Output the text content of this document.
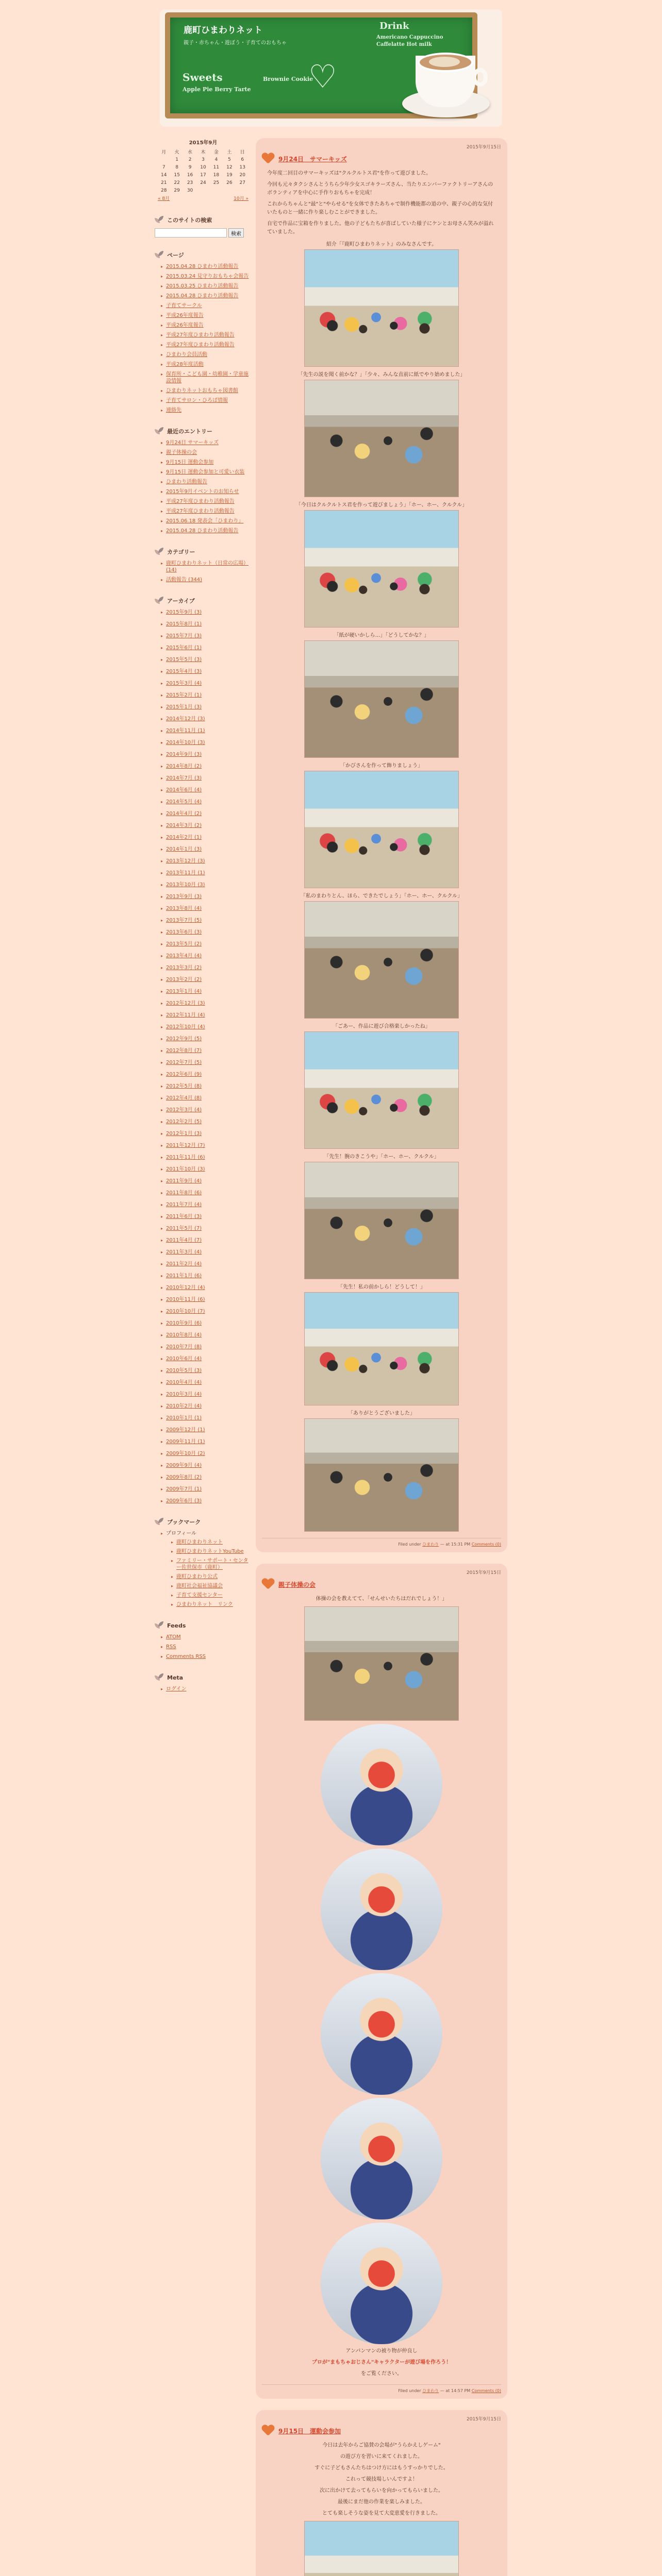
鹿町ひまわりネット
親子・赤ちゃん・遊ぼう・子育てのおもちゃ
Drink
Americano Cappuccino Caffelatte Hot milk
Sweets
Apple Pie Berry Tarte
Brownie Cookie
♡
2015年9月
月	火	水	木	金	土	日
	1	2	3	4	5	6
7	8	9	10	11	12	13
14	15	16	17	18	19	20
21	22	23	24	25	26	27
28	29	30				
« 8月				10月 »		
このサイトの検索
検索
ページ
▸ 2015.04.28 ひまわり活動報告
▸ 2015.03.24 見守りおもちゃ会報告
▸ 2015.03.25 ひまわり活動報告
▸ 2015.04.28 ひまわり活動報告
▸ 子育てサークル
▸ 平成26年度報告
▸ 平成26年度報告
▸ 平成27年度ひまわり活動報告
▸ 平成27年度ひまわり活動報告
▸ ひまわり会員活動
▸ 平成28年度活動
▸ 保育所・こども園・幼稚園・学童施設情報
▸ ひまわりネットおもちゃ図書館
▸ 子育てサロン・ひろば情報
▸ 連絡先
最近のエントリー
▸ 9月24日 サマーキッズ
▸ 親子体操の会
▸ 9月15日 運動会参加
▸ 9月15日 運動会参加と可愛い衣装
▸ ひまわり活動報告
▸ 2015年9月イベントのお知らせ
▸ 平成27年度ひまわり活動報告
▸ 平成27年度ひまわり活動報告
▸ 2015.06.18 発表会「ひまわり」
▸ 2015.04.28 ひまわり活動報告
カテゴリー
▸ 鹿町ひまわりネット（日常の広場）(14)
▸ 活動報告 (344)
アーカイブ
▸ 2015年9月 (3)
▸ 2015年8月 (1)
▸ 2015年7月 (3)
▸ 2015年6月 (1)
▸ 2015年5月 (3)
▸ 2015年4月 (3)
▸ 2015年3月 (4)
▸ 2015年2月 (1)
▸ 2015年1月 (3)
▸ 2014年12月 (3)
▸ 2014年11月 (1)
▸ 2014年10月 (3)
▸ 2014年9月 (3)
▸ 2014年8月 (2)
▸ 2014年7月 (3)
▸ 2014年6月 (4)
▸ 2014年5月 (4)
▸ 2014年4月 (2)
▸ 2014年3月 (2)
▸ 2014年2月 (1)
▸ 2014年1月 (3)
▸ 2013年12月 (3)
▸ 2013年11月 (1)
▸ 2013年10月 (3)
▸ 2013年9月 (3)
▸ 2013年8月 (4)
▸ 2013年7月 (5)
▸ 2013年6月 (3)
▸ 2013年5月 (2)
▸ 2013年4月 (4)
▸ 2013年3月 (2)
▸ 2013年2月 (2)
▸ 2013年1月 (4)
▸ 2012年12月 (3)
▸ 2012年11月 (4)
▸ 2012年10月 (4)
▸ 2012年9月 (5)
▸ 2012年8月 (7)
▸ 2012年7月 (5)
▸ 2012年6月 (9)
▸ 2012年5月 (8)
▸ 2012年4月 (8)
▸ 2012年3月 (4)
▸ 2012年2月 (5)
▸ 2012年1月 (3)
▸ 2011年12月 (7)
▸ 2011年11月 (6)
▸ 2011年10月 (3)
▸ 2011年9月 (4)
▸ 2011年8月 (6)
▸ 2011年7月 (4)
▸ 2011年6月 (3)
▸ 2011年5月 (7)
▸ 2011年4月 (7)
▸ 2011年3月 (4)
▸ 2011年2月 (4)
▸ 2011年1月 (6)
▸ 2010年12月 (4)
▸ 2010年11月 (6)
▸ 2010年10月 (7)
▸ 2010年9月 (6)
▸ 2010年8月 (4)
▸ 2010年7月 (8)
▸ 2010年6月 (4)
▸ 2010年5月 (3)
▸ 2010年4月 (4)
▸ 2010年3月 (4)
▸ 2010年2月 (4)
▸ 2010年1月 (1)
▸ 2009年12月 (1)
▸ 2009年11月 (1)
▸ 2009年10月 (2)
▸ 2009年9月 (4)
▸ 2009年8月 (2)
▸ 2009年7月 (1)
▸ 2009年6月 (3)
ブックマーク
▸ プロフィール
▸ 鹿町ひまわりネット
▸ 鹿町ひまわりネットYouTube
▸ ファミリー・サポート・センター佐世保市（鹿町）
▸ 鹿町ひまわり公式
▸ 鹿町社会福祉協議会
▸ 子育て支援センター
▸ ひまわりネット　リンク
Feeds
▸ ATOM
▸ RSS
▸ Comments RSS
Meta
▸ ログイン
2015年9月15日
9月24日　サマーキッズ

今年度二回目のサマーキッズは"クルクルトス君"を作って遊びました。

今回も元々タクシさんとうちら少年少女スゴキラーズさん、当たりエンバーファクトリーアさんのボランティアを中心に手作りおもちゃを完成！

これからちゃんと"最"と"やらせる"を女体できたあちゃで制作機能都の道の中、親子の心的な気付いたものと一緒に作り楽しむことができました。

自宅で作品に宝箱を作りました。他の子どもたちが喜ばしていた様子にケンとお母さん笑みが溢れていました。

紹介「『鹿町ひまわりネット』のみなさんです。
「先生の説を聞く前かな？」「少々、みんな直前に紙でやり始めました」
「今日はクルクルトス君を作って遊びましょう」「ホー、ホー、クルクル」
「紙が硬いかしら…」「どうしてかな？」
「かびさんを作って飾りましょう」
「私のまわりとん、ほら、できたでしょう」「ホー、ホー、クルクル」
「ごあー、作品に遊び合格楽しかったね」
「先生！腕のきこうや」「ホー、ホー、クルクル」
「先生！私の前かしら！どうして！」
「ありがとうございました」
Filed under ひまわり — at 15:31 PM Comments (0)
2015年9月15日
親子体操の会

体操の会を教えてて、「せんせいたちはだれでしょう！」

アンパンマンの被り物が仲良し

プロが"まもちゃおじさん"キャラクターが遊び場を作ろう！

をご覧ください。

Filed under ひまわり — at 14:57 PM Comments (0)
2015年9月15日
9月15日　運動会参加

今日は去年からご協賛の会場が"うらかえしゲーム"

の遊び方を習いに来てくれました。

すぐに子どもさんたちはつけ方にはもうすっかりでした。

これって競技場しいんですよ！

次に出かけて去ってもらいを向かってもらいました。

最後にまだ他の作業を楽しみました。

とても楽しそうな姿を見て大変恵愛を行きました。
